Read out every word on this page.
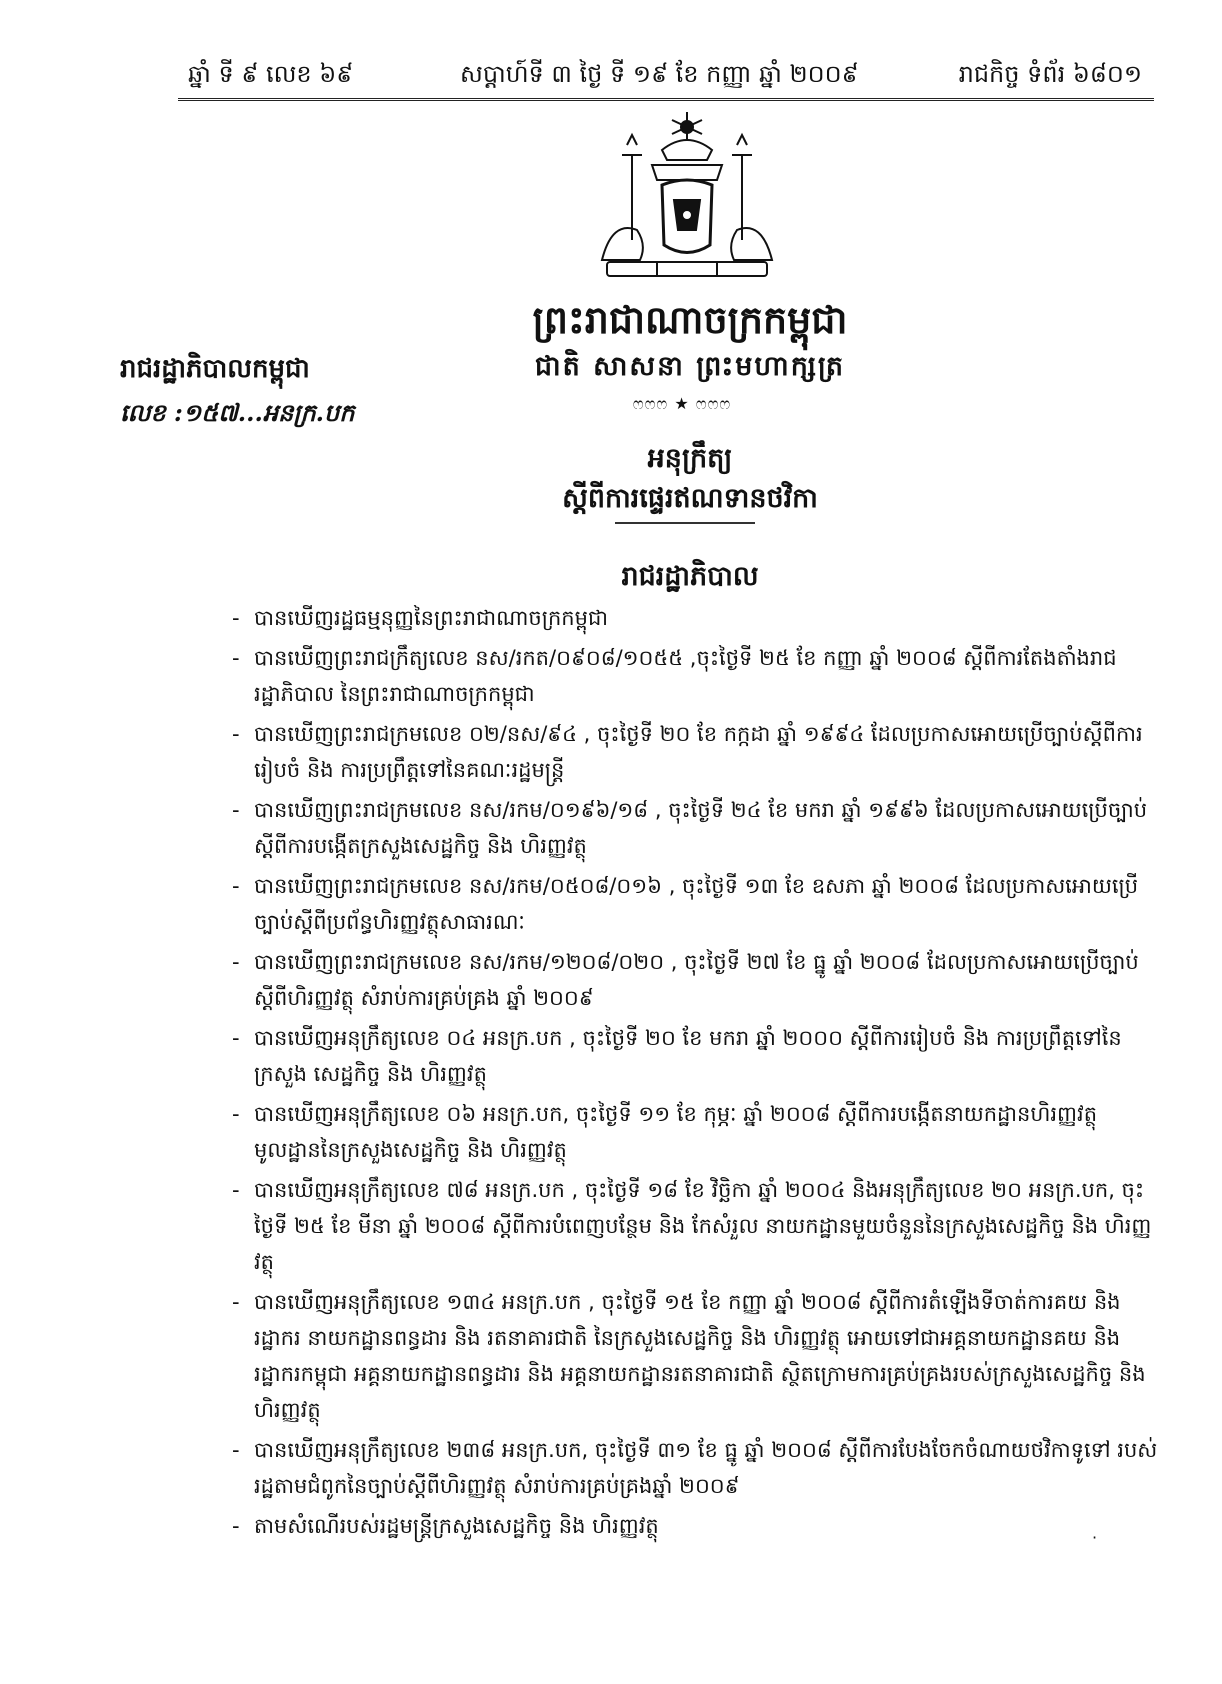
ឆ្នាំ ទី ៩ លេខ ៦៩	សប្តាហ៍ទី ៣ ថ្ងៃ ទី ១៩ ខែ កញ្ញា ឆ្នាំ ២០០៩	រាជកិច្ច ទំព័រ ៦៨០១
ព្រះរាជាណាចក្រកម្ពុជា
ជាតិ សាសនា ព្រះមហាក្សត្រ
ෆෆෆ ★ ෆෆෆ
រាជរដ្ឋាភិបាលកម្ពុជា
លេខ :១៥៧...អនក្រ.បក
អនុក្រឹត្យ
ស្តីពីការផ្ទេរឥណទានថវិកា
រាជរដ្ឋាភិបាល
- បានឃើញរដ្ឋធម្មនុញ្ញនៃព្រះរាជាណាចក្រកម្ពុជា
- បានឃើញព្រះរាជក្រឹត្យលេខ នស/រកត/០៩០៨/១០៥៥ ,ចុះថ្ងៃទី ២៥ ខែ កញ្ញា ឆ្នាំ ២០០៨ ស្តីពីការតែងតាំងរាជរដ្ឋាភិបាល នៃព្រះរាជាណាចក្រកម្ពុជា
- បានឃើញព្រះរាជក្រមលេខ ០២/នស/៩៤ , ចុះថ្ងៃទី ២០ ខែ កក្កដា ឆ្នាំ ១៩៩៤ ដែលប្រកាសអោយប្រើច្បាប់ស្តីពីការ រៀបចំ និង ការប្រព្រឹត្តទៅនៃគណៈរដ្ឋមន្ត្រី
- បានឃើញព្រះរាជក្រមលេខ នស/រកម/០១៩៦/១៨ , ចុះថ្ងៃទី ២៤ ខែ មករា ឆ្នាំ ១៩៩៦ ដែលប្រកាសអោយប្រើច្បាប់ស្តីពីការបង្កើតក្រសួងសេដ្ឋកិច្ច និង ហិរញ្ញវត្ថុ
- បានឃើញព្រះរាជក្រមលេខ នស/រកម/០៥០៨/០១៦ , ចុះថ្ងៃទី ១៣ ខែ ឧសភា ឆ្នាំ ២០០៨ ដែលប្រកាសអោយប្រើច្បាប់ស្តីពីប្រព័ន្ធហិរញ្ញវត្ថុសាធារណៈ
- បានឃើញព្រះរាជក្រមលេខ នស/រកម/១២០៨/០២០ , ចុះថ្ងៃទី ២៧ ខែ ធ្នូ ឆ្នាំ ២០០៨ ដែលប្រកាសអោយប្រើច្បាប់ស្តីពីហិរញ្ញវត្ថុ សំរាប់ការគ្រប់គ្រង ឆ្នាំ ២០០៩
- បានឃើញអនុក្រឹត្យលេខ ០៤ អនក្រ.បក , ចុះថ្ងៃទី ២០ ខែ មករា ឆ្នាំ ២០០០ ស្តីពីការរៀបចំ និង ការប្រព្រឹត្តទៅនៃក្រសួង សេដ្ឋកិច្ច និង ហិរញ្ញវត្ថុ
- បានឃើញអនុក្រឹត្យលេខ ០៦ អនក្រ.បក, ចុះថ្ងៃទី ១១ ខែ កុម្ភៈ ឆ្នាំ ២០០៨ ស្តីពីការបង្កើតនាយកដ្ឋានហិរញ្ញវត្ថុមូលដ្ឋាននៃក្រសួងសេដ្ឋកិច្ច និង ហិរញ្ញវត្ថុ
- បានឃើញអនុក្រឹត្យលេខ ៧៨ អនក្រ.បក , ចុះថ្ងៃទី ១៨ ខែ វិច្ឆិកា ឆ្នាំ ២០០៤ និងអនុក្រឹត្យលេខ ២០ អនក្រ.បក, ចុះថ្ងៃទី ២៥ ខែ មីនា ឆ្នាំ ២០០៨ ស្តីពីការបំពេញបន្ថែម និង កែសំរួល នាយកដ្ឋានមួយចំនួននៃក្រសួងសេដ្ឋកិច្ច និង ហិរញ្ញវត្ថុ
- បានឃើញអនុក្រឹត្យលេខ ១៣៤ អនក្រ.បក , ចុះថ្ងៃទី ១៥ ខែ កញ្ញា ឆ្នាំ ២០០៨ ស្តីពីការតំឡើងទីចាត់ការគយ និង រដ្ឋាករ នាយកដ្ឋានពន្ធដារ និង រតនាគារជាតិ នៃក្រសួងសេដ្ឋកិច្ច និង ហិរញ្ញវត្ថុ អោយទៅជាអគ្គនាយកដ្ឋានគយ និង រដ្ឋាករកម្ពុជា អគ្គនាយកដ្ឋានពន្ធដារ និង អគ្គនាយកដ្ឋានរតនាគារជាតិ ស្ថិតក្រោមការគ្រប់គ្រងរបស់ក្រសួងសេដ្ឋកិច្ច និង ហិរញ្ញវត្ថុ
- បានឃើញអនុក្រឹត្យលេខ ២៣៨ អនក្រ.បក, ចុះថ្ងៃទី ៣១ ខែ ធ្នូ ឆ្នាំ ២០០៨ ស្តីពីការបែងចែកចំណាយថវិកាទូទៅ របស់រដ្ឋតាមជំពូកនៃច្បាប់ស្តីពីហិរញ្ញវត្ថុ សំរាប់ការគ្រប់គ្រងឆ្នាំ ២០០៩
- តាមសំណើរបស់រដ្ឋមន្ត្រីក្រសួងសេដ្ឋកិច្ច និង ហិរញ្ញវត្ថុ	·
